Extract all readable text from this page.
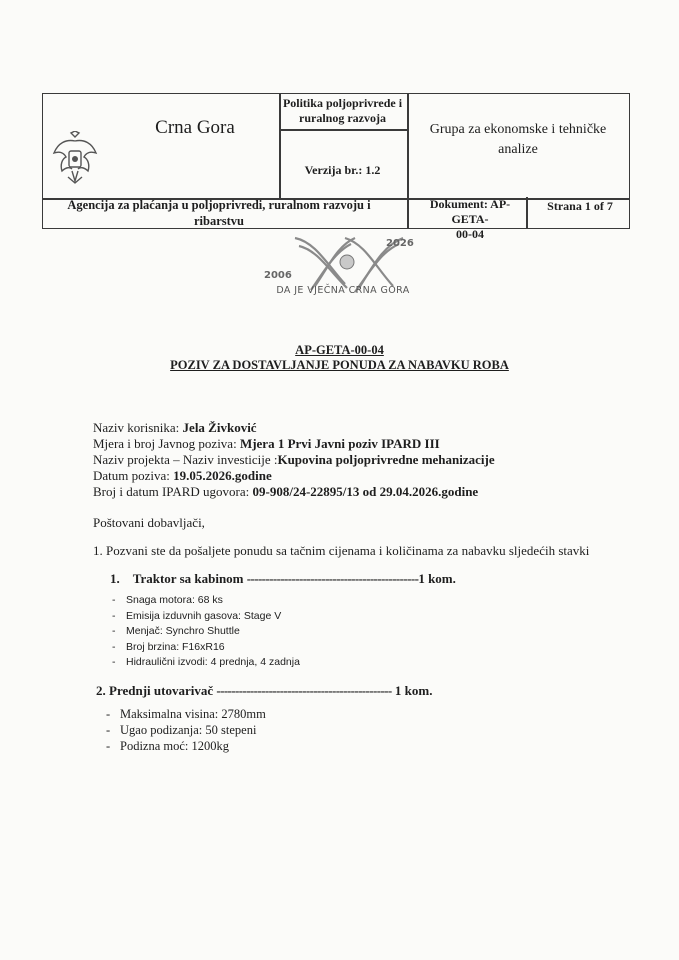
Crna Gora
Politika poljoprivrede i ruralnog razvoja
Verzija br.: 1.2
Grupa za ekonomske i tehničke analize
Agencija za plaćanja u poljoprivredi, ruralnom razvoju i ribarstvu
Dokument: AP-GETA-
00-04
Strana 1 of 7
2006
2026
DA JE VJEČNA CRNA GORA
AP-GETA-00-04
POZIV ZA DOSTAVLJANJE PONUDA ZA NABAVKU ROBA
Naziv korisnika: Jela Živković
Mjera i broj Javnog poziva: Mjera 1 Prvi Javni poziv IPARD III
Naziv projekta – Naziv investicije :Kupovina poljoprivredne mehanizacije
Datum poziva: 19.05.2026.godine
Broj i datum IPARD ugovora: 09-908/24-22895/13 od 29.04.2026.godine
Poštovani dobavljači,
1. Pozvani ste da pošaljete ponudu sa tačnim cijenama i količinama za nabavku sljedećih stavki
1. Traktor sa kabinom ----------------------------------------------1 kom.
- Snaga motora: 68 ks
- Emisija izduvnih gasova: Stage V
- Menjač: Synchro Shuttle
- Broj brzina: F16xR16
- Hidraulični izvodi: 4 prednja, 4 zadnja
2. Prednji utovarivač ----------------------------------------------- 1 kom.
- Maksimalna visina: 2780mm
- Ugao podizanja: 50 stepeni
- Podizna moć: 1200kg
